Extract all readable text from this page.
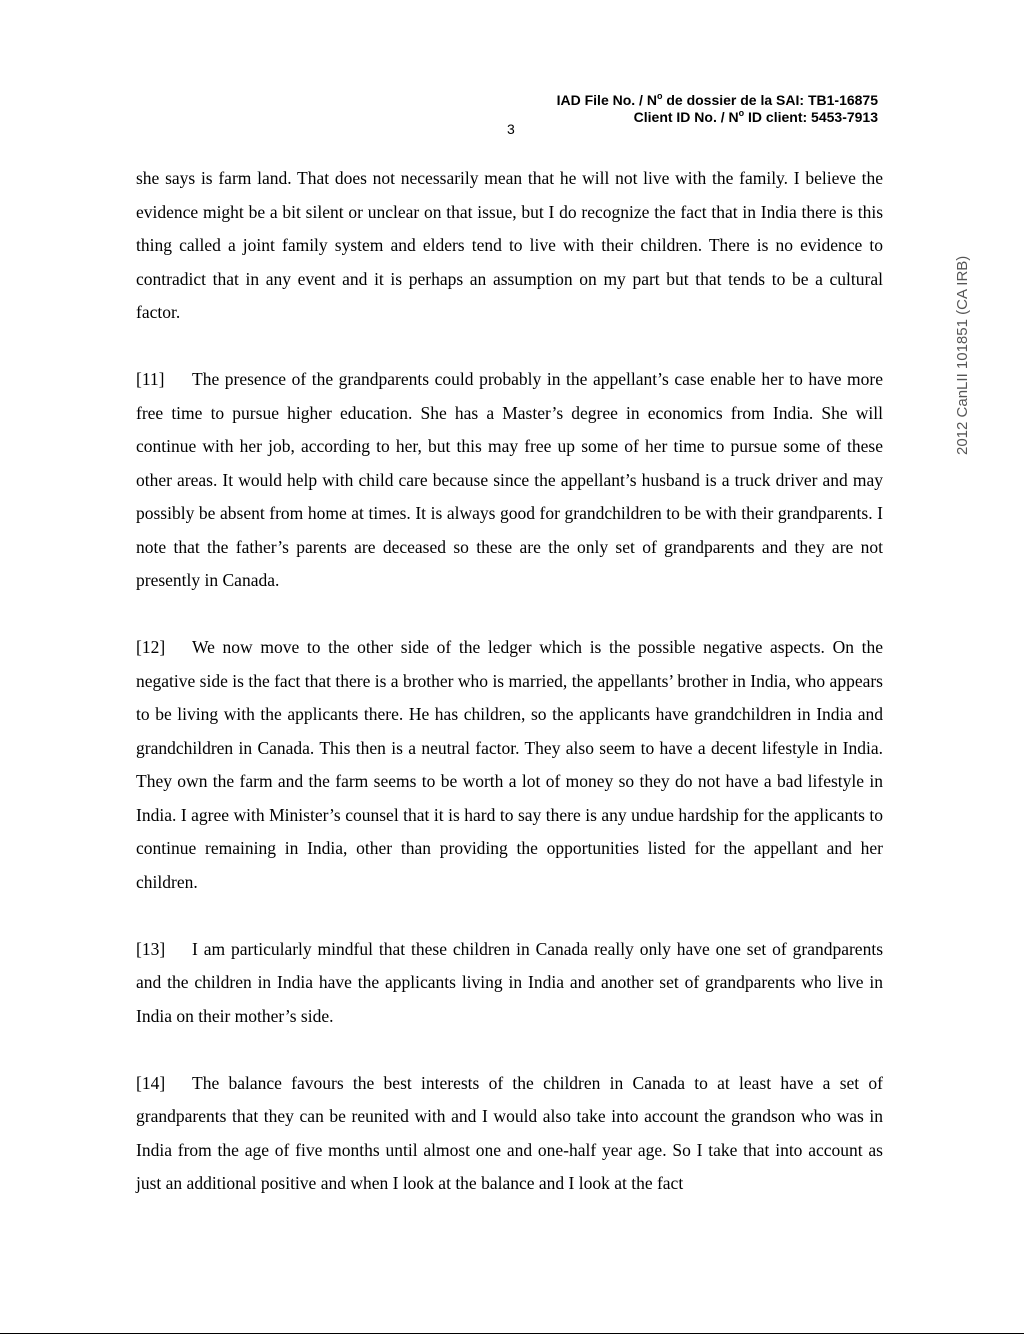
IAD File No. / $N^o$ de dossier de la SAI: TB1-16875
Client ID No. / $N^o$ ID client: 5453-7913
3

she says is farm land. That does not necessarily mean that he will not live with the family. I believe the evidence might be a bit silent or unclear on that issue, but I do recognize the fact that in India there is this thing called a joint family system and elders tend to live with their children. There is no evidence to contradict that in any event and it is perhaps an assumption on my part but that tends to be a cultural factor.

[11] The presence of the grandparents could probably in the appellant’s case enable her to have more free time to pursue higher education. She has a Master’s degree in economics from India. She will continue with her job, according to her, but this may free up some of her time to pursue some of these other areas. It would help with child care because since the appellant’s husband is a truck driver and may possibly be absent from home at times. It is always good for grandchildren to be with their grandparents. I note that the father’s parents are deceased so these are the only set of grandparents and they are not presently in Canada.

[12] We now move to the other side of the ledger which is the possible negative aspects. On the negative side is the fact that there is a brother who is married, the appellants’ brother in India, who appears to be living with the applicants there. He has children, so the applicants have grandchildren in India and grandchildren in Canada. This then is a neutral factor. They also seem to have a decent lifestyle in India. They own the farm and the farm seems to be worth a lot of money so they do not have a bad lifestyle in India. I agree with Minister’s counsel that it is hard to say there is any undue hardship for the applicants to continue remaining in India, other than providing the opportunities listed for the appellant and her children.

[13] I am particularly mindful that these children in Canada really only have one set of grandparents and the children in India have the applicants living in India and another set of grandparents who live in India on their mother’s side.

[14] The balance favours the best interests of the children in Canada to at least have a set of grandparents that they can be reunited with and I would also take into account the grandson who was in India from the age of five months until almost one and one-half year age. So I take that into account as just an additional positive and when I look at the balance and I look at the fact

2012 CanLII 101851 (CA IRB)
